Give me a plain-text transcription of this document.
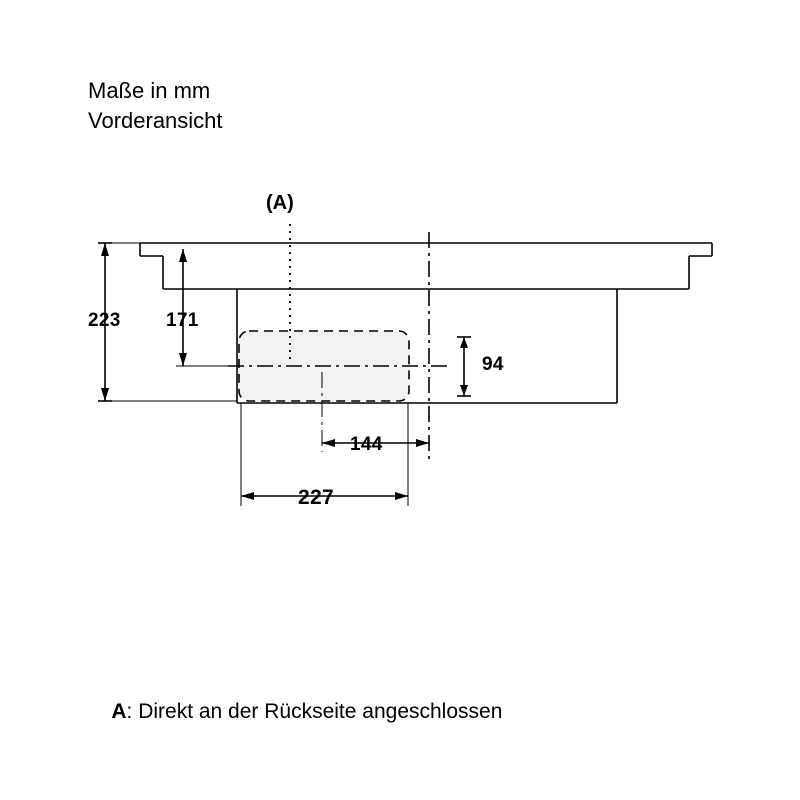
Maße in mm
Vorderansicht
(A)
223 171
94
144
227

A: Direkt an der Rückseite angeschlossen
